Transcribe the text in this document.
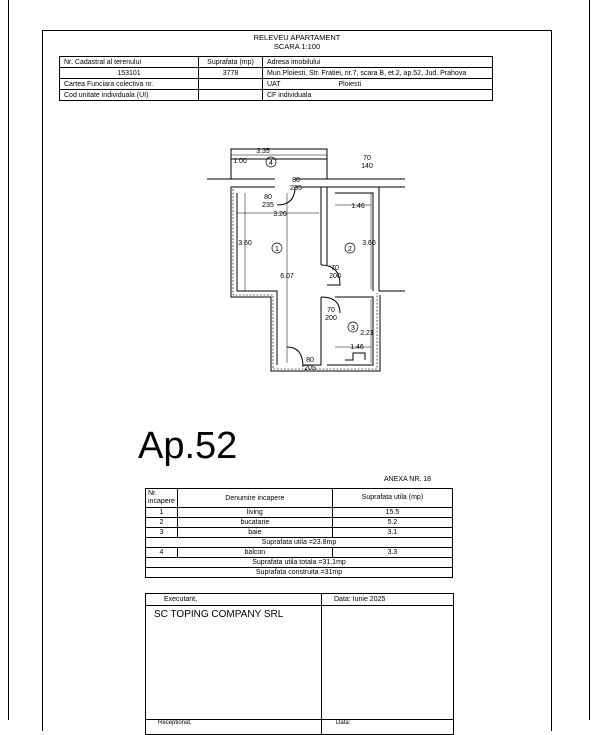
RELEVEU APARTAMENT
SCARA 1:100
Nr. Cadastral al terenului	Suprafata (mp)	Adresa imobilului
153101	3778	Mun.Ploiesti, Str. Fratiei, nr.7, scara B, et.2, ap.52, Jud. Prahova
Cartea Funciara colectiva nr.		UAT Ploiesti
Cod unitate individuala (UI)		CF individuala
4
1	2
3
3.35
1.00	70
140
80
235
80
235
3.26
3.60
6.07
1.46
3.60
70
200
70
200
2.21
1.46
80
205
Ap.52
ANEXA NR. 18
Nr. incapere	Denumire incapere	Suprafata utila (mp)
1	living	15.5
2	bucatarie	5.2
3	baie	3.1
Suprafata utila =23.8mp		
4	balcon	3.3
Suprafata utila totala =31.1mp		
Suprafata construita =31mp		
Executant,	Data: Iunie 2025
SC TOPING COMPANY SRL
Receptionat,	Data:
